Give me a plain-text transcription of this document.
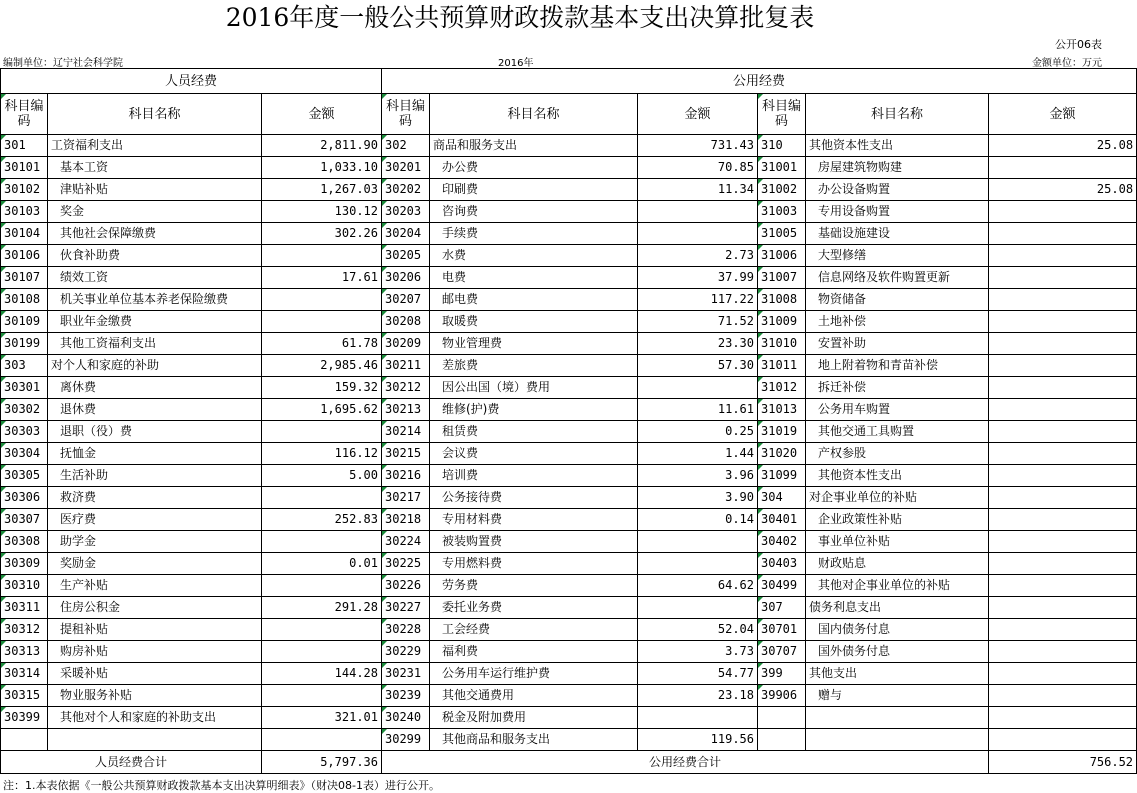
2016年度一般公共预算财政拨款基本支出决算批复表
公开06表
编制单位：辽宁社会科学院	2016年	金额单位：万元
人员经费			公用经费					
科目编码	科目名称	金额	科目编码	科目名称	金额	科目编码	科目名称	金额
301	工资福利支出	2,811.90	302	商品和服务支出	731.43	310	其他资本性支出	25.08
30101	基本工资	1,033.10	30201	办公费	70.85	31001	房屋建筑物购建	
30102	津贴补贴	1,267.03	30202	印刷费	11.34	31002	办公设备购置	25.08
30103	奖金	130.12	30203	咨询费		31003	专用设备购置	
30104	其他社会保障缴费	302.26	30204	手续费		31005	基础设施建设	
30106	伙食补助费		30205	水费	2.73	31006	大型修缮	
30107	绩效工资	17.61	30206	电费	37.99	31007	信息网络及软件购置更新	
30108	机关事业单位基本养老保险缴费		30207	邮电费	117.22	31008	物资储备	
30109	职业年金缴费		30208	取暖费	71.52	31009	土地补偿	
30199	其他工资福利支出	61.78	30209	物业管理费	23.30	31010	安置补助	
303	对个人和家庭的补助	2,985.46	30211	差旅费	57.30	31011	地上附着物和青苗补偿	
30301	离休费	159.32	30212	因公出国（境）费用		31012	拆迁补偿	
30302	退休费	1,695.62	30213	维修(护)费	11.61	31013	公务用车购置	
30303	退职（役）费		30214	租赁费	0.25	31019	其他交通工具购置	
30304	抚恤金	116.12	30215	会议费	1.44	31020	产权参股	
30305	生活补助	5.00	30216	培训费	3.96	31099	其他资本性支出	
30306	救济费		30217	公务接待费	3.90	304	对企事业单位的补贴	
30307	医疗费	252.83	30218	专用材料费	0.14	30401	企业政策性补贴	
30308	助学金		30224	被装购置费		30402	事业单位补贴	
30309	奖励金	0.01	30225	专用燃料费		30403	财政贴息	
30310	生产补贴		30226	劳务费	64.62	30499	其他对企事业单位的补贴	
30311	住房公积金	291.28	30227	委托业务费		307	债务利息支出	
30312	提租补贴		30228	工会经费	52.04	30701	国内债务付息	
30313	购房补贴		30229	福利费	3.73	30707	国外债务付息	
30314	采暖补贴	144.28	30231	公务用车运行维护费	54.77	399	其他支出	
30315	物业服务补贴		30239	其他交通费用	23.18	39906	赠与	
30399	其他对个人和家庭的补助支出	321.01	30240	税金及附加费用				
			30299	其他商品和服务支出	119.56			
人员经费合计		5,797.36	公用经费合计					756.52
注：1.本表依据《一般公共预算财政拨款基本支出决算明细表》（财决08-1表）进行公开。
